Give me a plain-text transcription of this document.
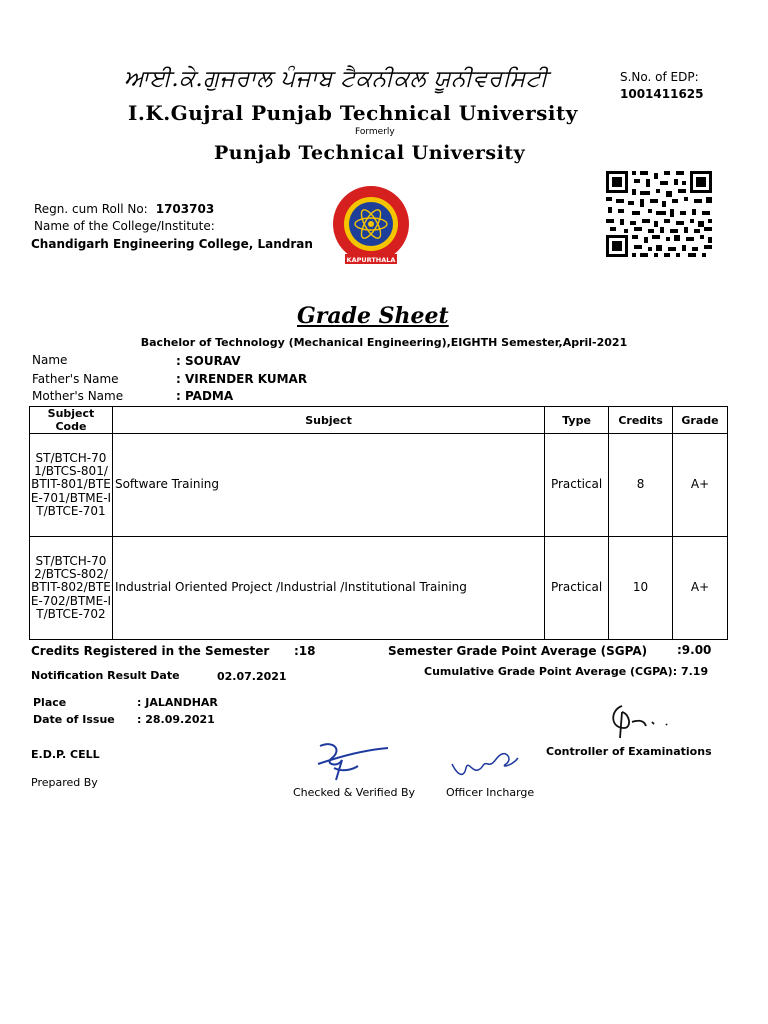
ਆਈ.ਕੇ.ਗੁਜਰਾਲ ਪੰਜਾਬ ਟੈਕਨੀਕਲ ਯੂਨੀਵਰਸਿਟੀ
I.K.Gujral Punjab Technical University
Formerly
Punjab Technical University
S.No. of EDP:
1001411625
KAPURTHALA
Regn. cum Roll No: 1703703
Name of the College/Institute:
Chandigarh Engineering College, Landran
Grade Sheet
Bachelor of Technology (Mechanical Engineering),EIGHTH Semester,April-2021
Name	: SOURAV
Father's Name	: VIRENDER KUMAR
Mother's Name	: PADMA
Subject Code	Subject	Type	Credits	Grade
ST/BTCH-701/BTCS-801/BTIT-801/BTEE-701/BTME-IT/BTCE-701	Software Training	Practical	8	A+
ST/BTCH-702/BTCS-802/BTIT-802/BTEE-702/BTME-IT/BTCE-702	Industrial Oriented Project /Industrial /Institutional Training	Practical	10	A+
Credits Registered in the Semester :18	Semester Grade Point Average (SGPA) :9.00
Notification Result Date	02.07.2021	Cumulative Grade Point Average (CGPA): 7.19
Place	: JALANDHAR
Date of Issue : 28.09.2021
E.D.P. CELL
Prepared By
Checked & Verified By	Officer Incharge
Controller of Examinations
